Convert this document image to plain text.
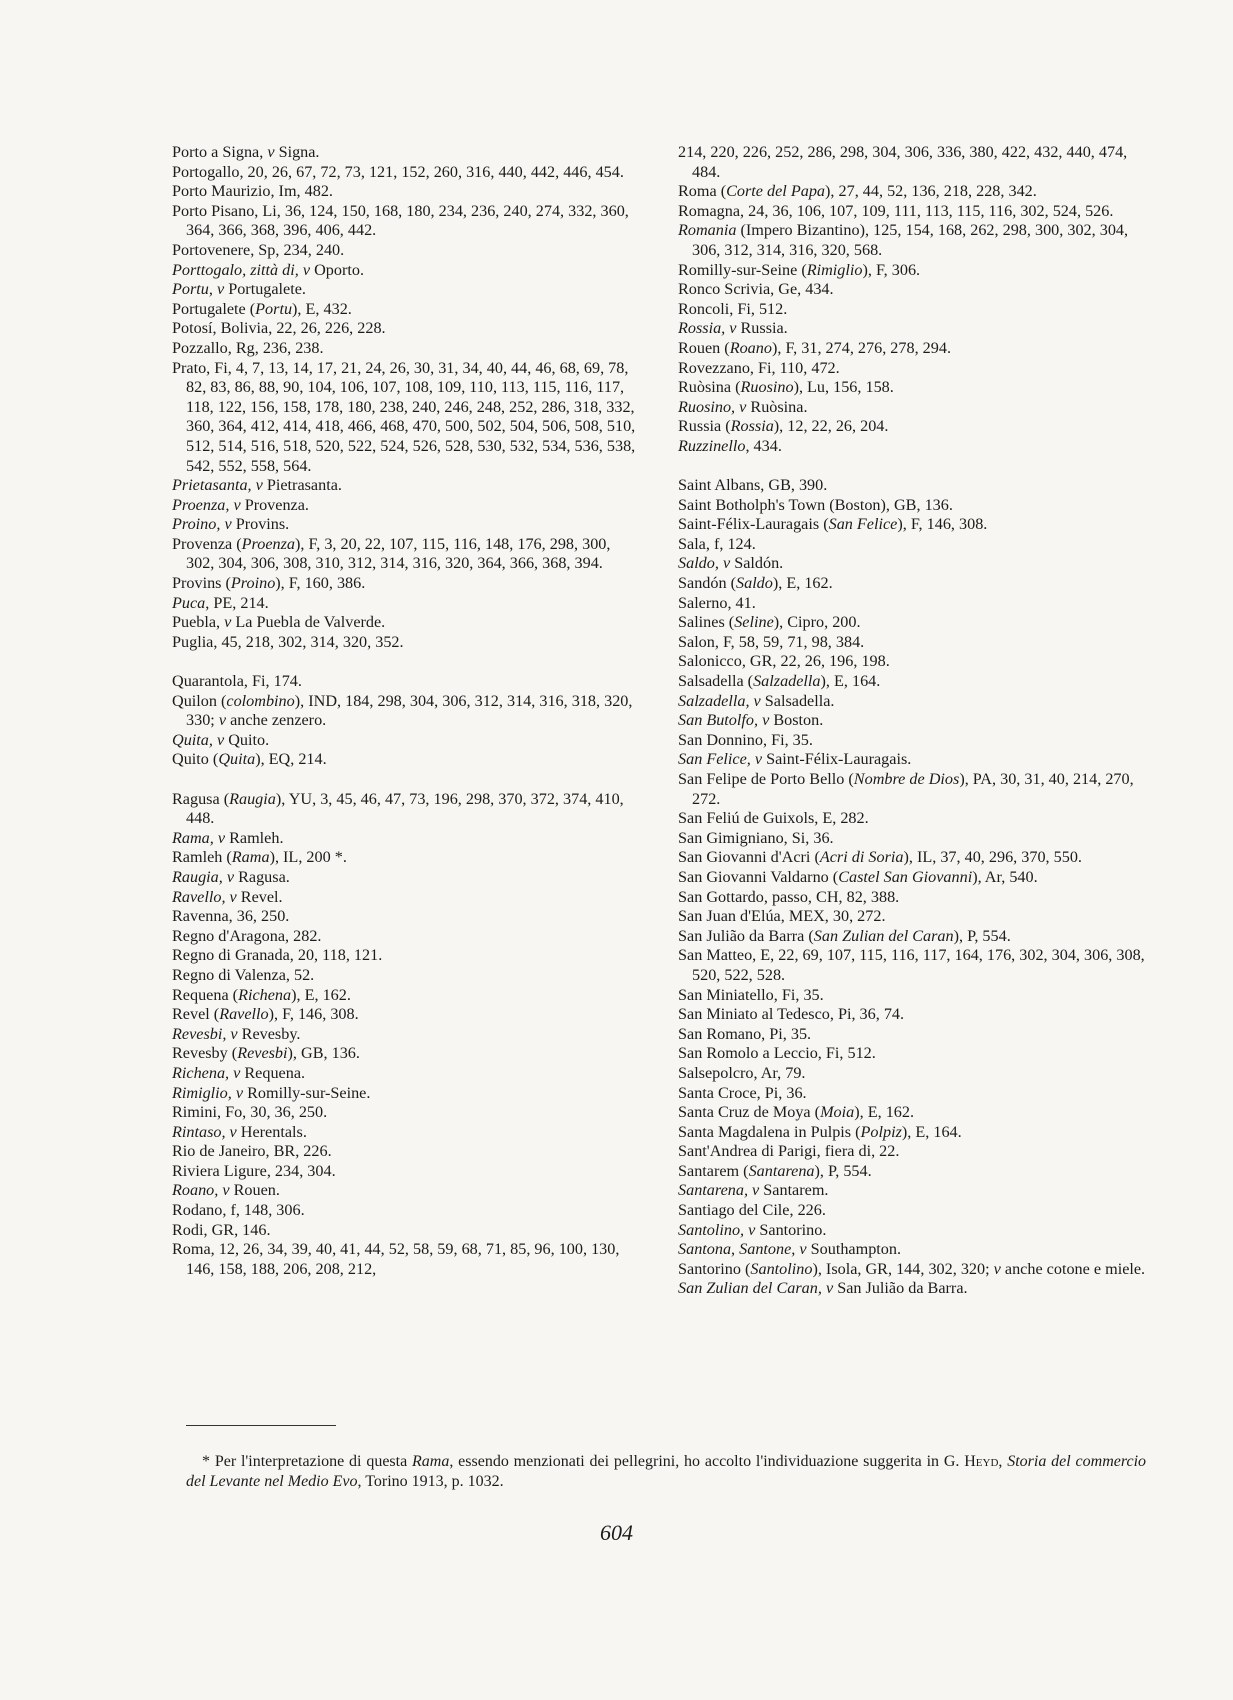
Porto a Signa, v Signa.
Portogallo, 20, 26, 67, 72, 73, 121, 152, 260, 316, 440, 442, 446, 454.
Porto Maurizio, Im, 482.
Porto Pisano, Li, 36, 124, 150, 168, 180, 234, 236, 240, 274, 332, 360, 364, 366, 368, 396, 406, 442.
Portovenere, Sp, 234, 240.
Porttogalo, zittà di, v Oporto.
Portu, v Portugalete.
Portugalete (Portu), E, 432.
Potosí, Bolivia, 22, 26, 226, 228.
Pozzallo, Rg, 236, 238.
Prato, Fi, 4, 7, 13, 14, 17, 21, 24, 26, 30, 31, 34, 40, 44, 46, 68, 69, 78, 82, 83, 86, 88, 90, 104, 106, 107, 108, 109, 110, 113, 115, 116, 117, 118, 122, 156, 158, 178, 180, 238, 240, 246, 248, 252, 286, 318, 332, 360, 364, 412, 414, 418, 466, 468, 470, 500, 502, 504, 506, 508, 510, 512, 514, 516, 518, 520, 522, 524, 526, 528, 530, 532, 534, 536, 538, 542, 552, 558, 564.
Prietasanta, v Pietrasanta.
Proenza, v Provenza.
Proino, v Provins.
Provenza (Proenza), F, 3, 20, 22, 107, 115, 116, 148, 176, 298, 300, 302, 304, 306, 308, 310, 312, 314, 316, 320, 364, 366, 368, 394.
Provins (Proino), F, 160, 386.
Puca, PE, 214.
Puebla, v La Puebla de Valverde.
Puglia, 45, 218, 302, 314, 320, 352.
Quarantola, Fi, 174.
Quilon (colombino), IND, 184, 298, 304, 306, 312, 314, 316, 318, 320, 330; v anche zenzero.
Quita, v Quito.
Quito (Quita), EQ, 214.
Ragusa (Raugia), YU, 3, 45, 46, 47, 73, 196, 298, 370, 372, 374, 410, 448.
Rama, v Ramleh.
Ramleh (Rama), IL, 200 *.
Raugia, v Ragusa.
Ravello, v Revel.
Ravenna, 36, 250.
Regno d'Aragona, 282.
Regno di Granada, 20, 118, 121.
Regno di Valenza, 52.
Requena (Richena), E, 162.
Revel (Ravello), F, 146, 308.
Revesbi, v Revesby.
Revesby (Revesbi), GB, 136.
Richena, v Requena.
Rimiglio, v Romilly-sur-Seine.
Rimini, Fo, 30, 36, 250.
Rintaso, v Herentals.
Rio de Janeiro, BR, 226.
Riviera Ligure, 234, 304.
Roano, v Rouen.
Rodano, f, 148, 306.
Rodi, GR, 146.
Roma, 12, 26, 34, 39, 40, 41, 44, 52, 58, 59, 68, 71, 85, 96, 100, 130, 146, 158, 188, 206, 208, 212,
214, 220, 226, 252, 286, 298, 304, 306, 336, 380, 422, 432, 440, 474, 484.
Roma (Corte del Papa), 27, 44, 52, 136, 218, 228, 342.
Romagna, 24, 36, 106, 107, 109, 111, 113, 115, 116, 302, 524, 526.
Romania (Impero Bizantino), 125, 154, 168, 262, 298, 300, 302, 304, 306, 312, 314, 316, 320, 568.
Romilly-sur-Seine (Rimiglio), F, 306.
Ronco Scrivia, Ge, 434.
Roncoli, Fi, 512.
Rossia, v Russia.
Rouen (Roano), F, 31, 274, 276, 278, 294.
Rovezzano, Fi, 110, 472.
Ruòsina (Ruosino), Lu, 156, 158.
Ruosino, v Ruòsina.
Russia (Rossia), 12, 22, 26, 204.
Ruzzinello, 434.
Saint Albans, GB, 390.
Saint Botholph's Town (Boston), GB, 136.
Saint-Félix-Lauragais (San Felice), F, 146, 308.
Sala, f, 124.
Saldo, v Saldón.
Sandón (Saldo), E, 162.
Salerno, 41.
Salines (Seline), Cipro, 200.
Salon, F, 58, 59, 71, 98, 384.
Salonicco, GR, 22, 26, 196, 198.
Salsadella (Salzadella), E, 164.
Salzadella, v Salsadella.
San Butolfo, v Boston.
San Donnino, Fi, 35.
San Felice, v Saint-Félix-Lauragais.
San Felipe de Porto Bello (Nombre de Dios), PA, 30, 31, 40, 214, 270, 272.
San Feliú de Guixols, E, 282.
San Gimigniano, Si, 36.
San Giovanni d'Acri (Acri di Soria), IL, 37, 40, 296, 370, 550.
San Giovanni Valdarno (Castel San Giovanni), Ar, 540.
San Gottardo, passo, CH, 82, 388.
San Juan d'Elúa, MEX, 30, 272.
San Julião da Barra (San Zulian del Caran), P, 554.
San Matteo, E, 22, 69, 107, 115, 116, 117, 164, 176, 302, 304, 306, 308, 520, 522, 528.
San Miniatello, Fi, 35.
San Miniato al Tedesco, Pi, 36, 74.
San Romano, Pi, 35.
San Romolo a Leccio, Fi, 512.
Salsepolcro, Ar, 79.
Santa Croce, Pi, 36.
Santa Cruz de Moya (Moia), E, 162.
Santa Magdalena in Pulpis (Polpiz), E, 164.
Sant'Andrea di Parigi, fiera di, 22.
Santarem (Santarena), P, 554.
Santarena, v Santarem.
Santiago del Cile, 226.
Santolino, v Santorino.
Santona, Santone, v Southampton.
Santorino (Santolino), Isola, GR, 144, 302, 320; v anche cotone e miele.
San Zulian del Caran, v San Julião da Barra.
* Per l'interpretazione di questa Rama, essendo menzionati dei pellegrini, ho accolto l'individuazione suggerita in G. Heyd, Storia del commercio del Levante nel Medio Evo, Torino 1913, p. 1032.
604
